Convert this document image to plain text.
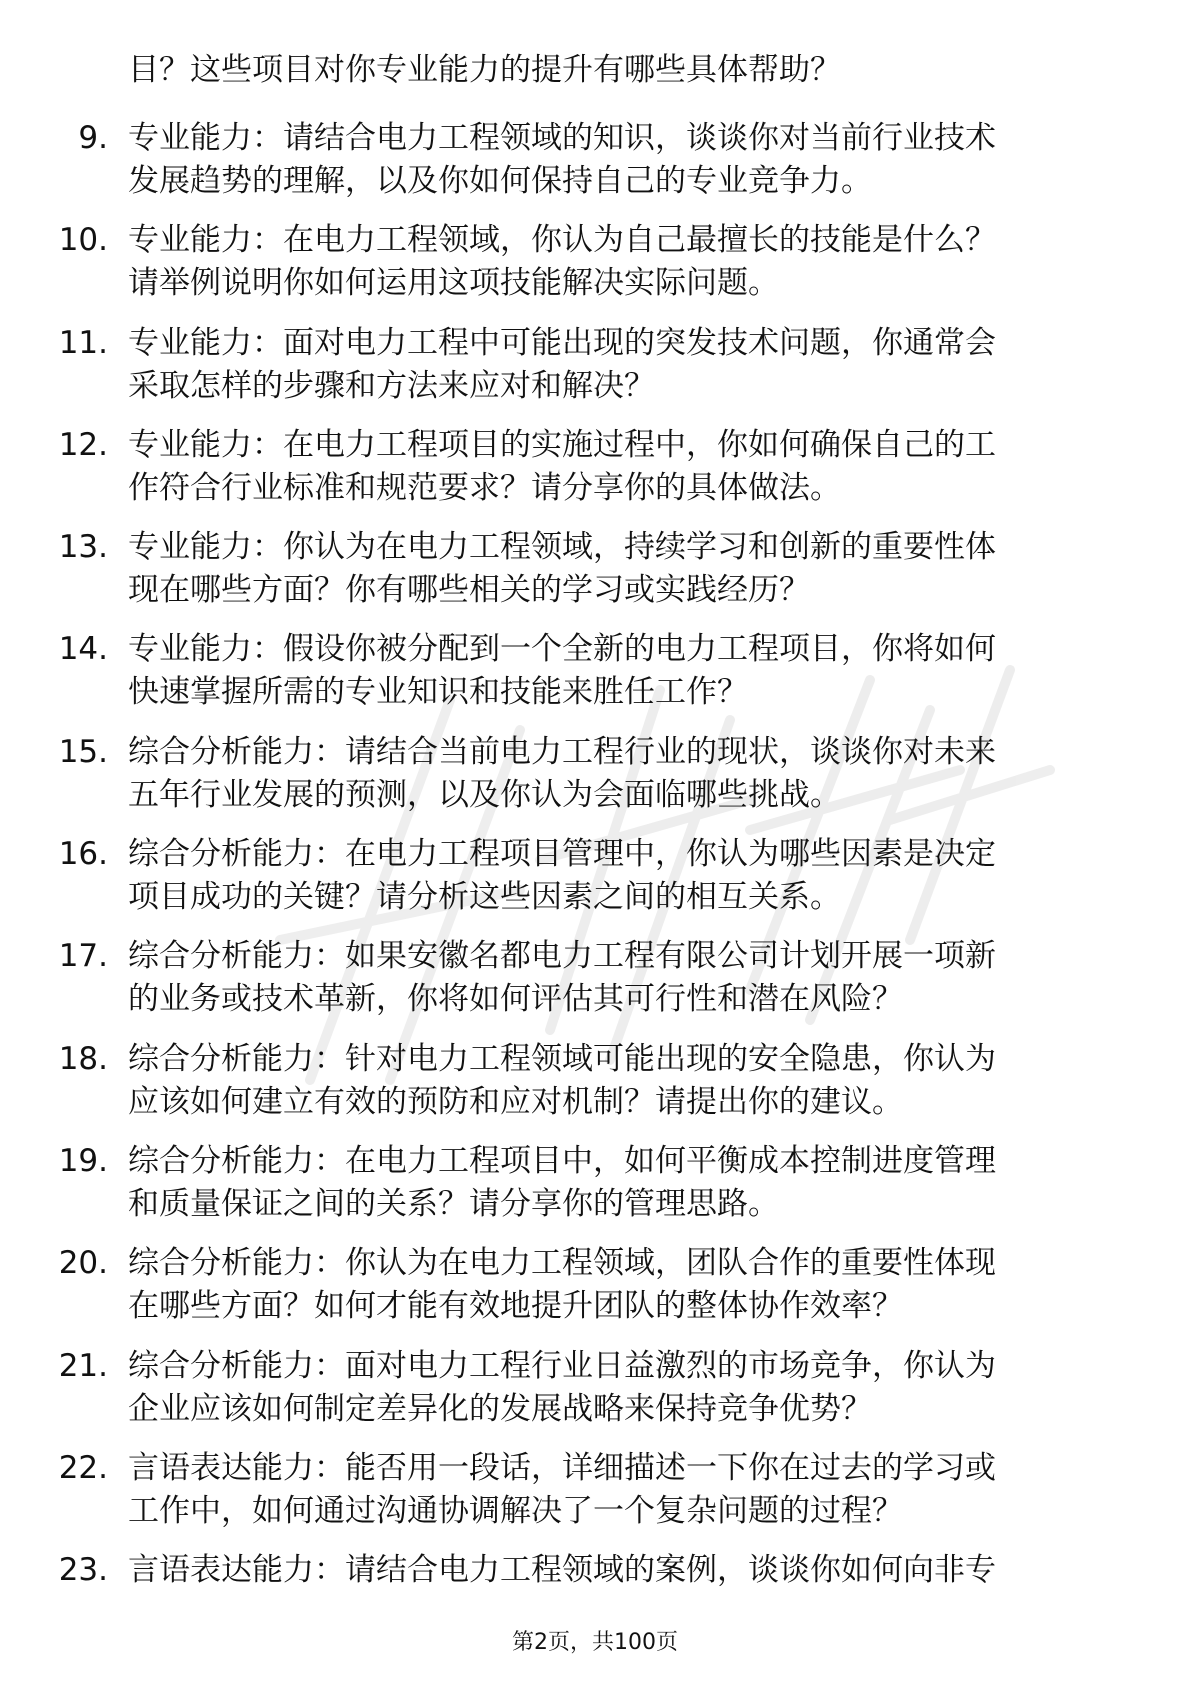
目？这些项目对你专业能力的提升有哪些具体帮助？
9. 专业能力：请结合电力工程领域的知识，谈谈你对当前行业技术
发展趋势的理解，以及你如何保持自己的专业竞争力。
10. 专业能力：在电力工程领域，你认为自己最擅长的技能是什么？
请举例说明你如何运用这项技能解决实际问题。
11. 专业能力：面对电力工程中可能出现的突发技术问题，你通常会
采取怎样的步骤和方法来应对和解决？
12. 专业能力：在电力工程项目的实施过程中，你如何确保自己的工
作符合行业标准和规范要求？请分享你的具体做法。
13. 专业能力：你认为在电力工程领域，持续学习和创新的重要性体
现在哪些方面？你有哪些相关的学习或实践经历？
14. 专业能力：假设你被分配到一个全新的电力工程项目，你将如何
快速掌握所需的专业知识和技能来胜任工作？
15. 综合分析能力：请结合当前电力工程行业的现状，谈谈你对未来
五年行业发展的预测，以及你认为会面临哪些挑战。
16. 综合分析能力：在电力工程项目管理中，你认为哪些因素是决定
项目成功的关键？请分析这些因素之间的相互关系。
17. 综合分析能力：如果安徽名都电力工程有限公司计划开展一项新
的业务或技术革新，你将如何评估其可行性和潜在风险？
18. 综合分析能力：针对电力工程领域可能出现的安全隐患，你认为
应该如何建立有效的预防和应对机制？请提出你的建议。
19. 综合分析能力：在电力工程项目中，如何平衡成本控制进度管理
和质量保证之间的关系？请分享你的管理思路。
20. 综合分析能力：你认为在电力工程领域，团队合作的重要性体现
在哪些方面？如何才能有效地提升团队的整体协作效率？
21. 综合分析能力：面对电力工程行业日益激烈的市场竞争，你认为
企业应该如何制定差异化的发展战略来保持竞争优势？
22. 言语表达能力：能否用一段话，详细描述一下你在过去的学习或
工作中，如何通过沟通协调解决了一个复杂问题的过程？
23. 言语表达能力：请结合电力工程领域的案例，谈谈你如何向非专
第2页，共100页
